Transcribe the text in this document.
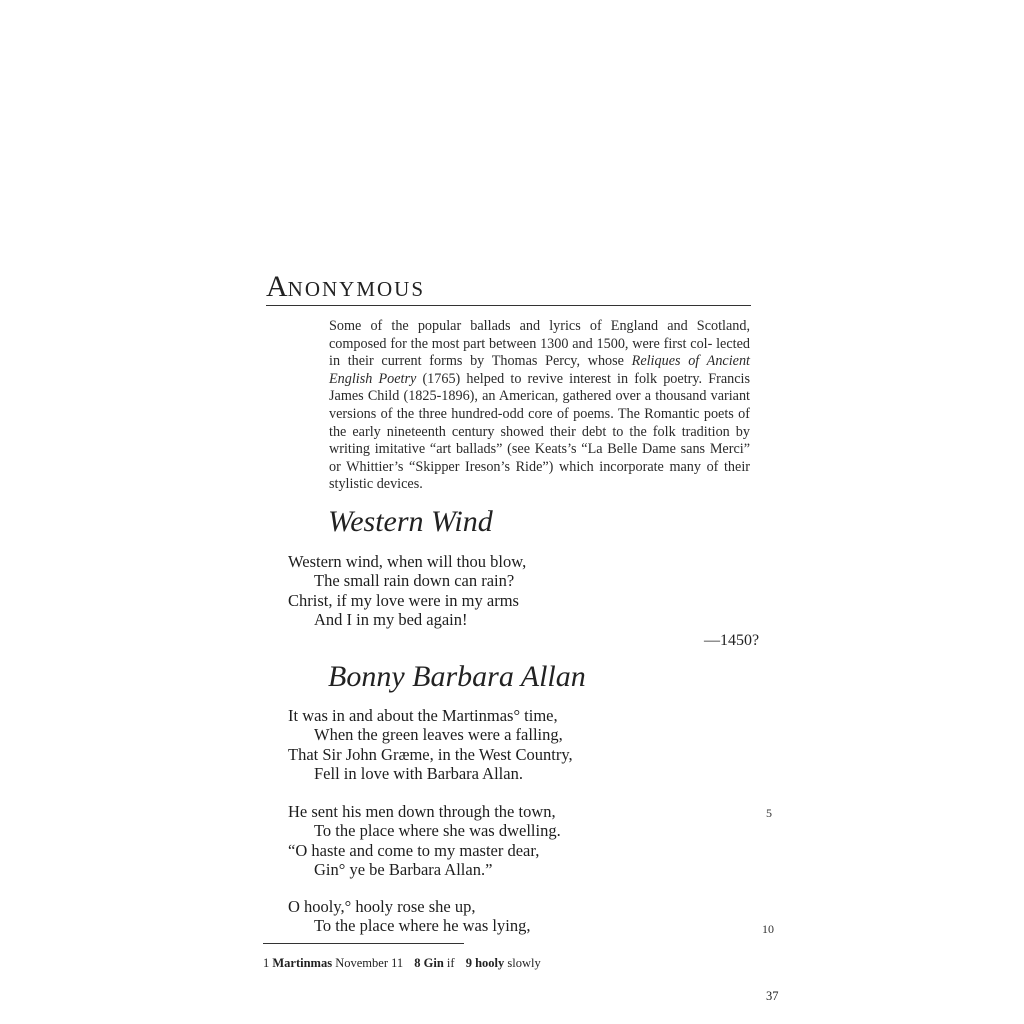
ANONYMOUS
Some of the popular ballads and lyrics of England and Scotland, composed for the most part between 1300 and 1500, were first col- lected in their current forms by Thomas Percy, whose Reliques of Ancient English Poetry (1765) helped to revive interest in folk poetry. Francis James Child (1825-1896), an American, gathered over a thousand variant versions of the three hundred-odd core of poems. The Romantic poets of the early nineteenth century showed their debt to the folk tradition by writing imitative “art ballads” (see Keats’s “La Belle Dame sans Merci” or Whittier’s “Skipper Ireson’s Ride”) which incorporate many of their stylistic devices.
Western Wind
Western wind, when will thou blow,
The small rain down can rain?
Christ, if my love were in my arms
And I in my bed again!
—1450?
Bonny Barbara Allan
It was in and about the Martinmas° time,
When the green leaves were a falling,
That Sir John Græme, in the West Country,
Fell in love with Barbara Allan.
He sent his men down through the town,
To the place where she was dwelling.
“O haste and come to my master dear,
Gin° ye be Barbara Allan.”
5
O hooly,° hooly rose she up,
To the place where he was lying,	10
1 Martinmas November 11 8 Gin if 9 hooly slowly
37
